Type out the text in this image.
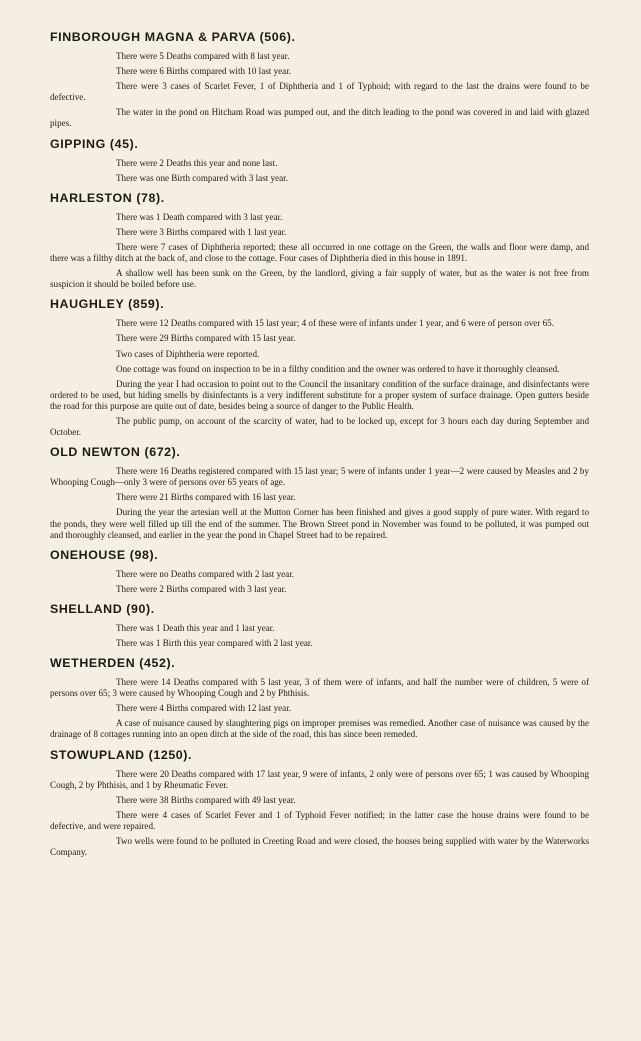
FINBOROUGH MAGNA & PARVA (506).

There were 5 Deaths compared with 8 last year.

There were 6 Births compared with 10 last year.

There were 3 cases of Scarlet Fever, 1 of Diphtheria and 1 of Typhoid; with regard to the last the drains were found to be defective.

The water in the pond on Hitcham Road was pumped out, and the ditch leading to the pond was covered in and laid with glazed pipes.

GIPPING (45).

There were 2 Deaths this year and none last.

There was one Birth compared with 3 last year.

HARLESTON (78).

There was 1 Death compared with 3 last year.

There were 3 Births compared with 1 last year.

There were 7 cases of Diphtheria reported; these all occurred in one cottage on the Green, the walls and floor were damp, and there was a filthy ditch at the back of, and close to the cottage. Four cases of Diphtheria died in this house in 1891.

A shallow well has been sunk on the Green, by the landlord, giving a fair supply of water, but as the water is not free from suspicion it should be boiled before use.

HAUGHLEY (859).

There were 12 Deaths compared with 15 last year; 4 of these were of infants under 1 year, and 6 were of person over 65.

There were 29 Births compared with 15 last year.

Two cases of Diphtheria were reported.

One cottage was found on inspection to be in a filthy condition and the owner was ordered to have it thoroughly cleansed.

During the year I had occasion to point out to the Council the insanitary condition of the surface drainage, and disinfectants were ordered to be used, but hiding smells by disinfectants is a very indifferent substitute for a proper system of surface drainage. Open gutters beside the road for this purpose are quite out of date, besides being a source of danger to the Public Health.

The public pump, on account of the scarcity of water, had to be locked up, except for 3 hours each day during September and October.

OLD NEWTON (672).

There were 16 Deaths registered compared with 15 last year; 5 were of infants under 1 year—2 were caused by Measles and 2 by Whooping Cough—only 3 were of persons over 65 years of age.

There were 21 Births compared with 16 last year.

During the year the artesian well at the Mutton Corner has been finished and gives a good supply of pure water. With regard to the ponds, they were well filled up till the end of the summer. The Brown Street pond in November was found to be polluted, it was pumped out and thoroughly cleansed, and earlier in the year the pond in Chapel Street had to be repaired.

ONEHOUSE (98).

There were no Deaths compared with 2 last year.

There were 2 Births compared with 3 last year.

SHELLAND (90).

There was 1 Death this year and 1 last year.

There was 1 Birth this year compared with 2 last year.

WETHERDEN (452).

There were 14 Deaths compared with 5 last year, 3 of them were of infants, and half the number were of children, 5 were of persons over 65; 3 were caused by Whooping Cough and 2 by Phthisis.

There were 4 Births compared with 12 last year.

A case of nuisance caused by slaughtering pigs on improper premises was remedied. Another case of nuisance was caused by the drainage of 8 cottages running into an open ditch at the side of the road, this has since been remeded.

STOWUPLAND (1250).

There were 20 Deaths compared with 17 last year, 9 were of infants, 2 only were of persons over 65; 1 was caused by Whooping Cough, 2 by Phthisis, and 1 by Rheumatic Fever.

There were 38 Births compared with 49 last year.

There were 4 cases of Scarlet Fever and 1 of Typhoid Fever notified; in the latter case the house drains were found to be defective, and were repaired.

Two wells were found to be polluted in Creeting Road and were closed, the houses being supplied with water by the Waterworks Company.
